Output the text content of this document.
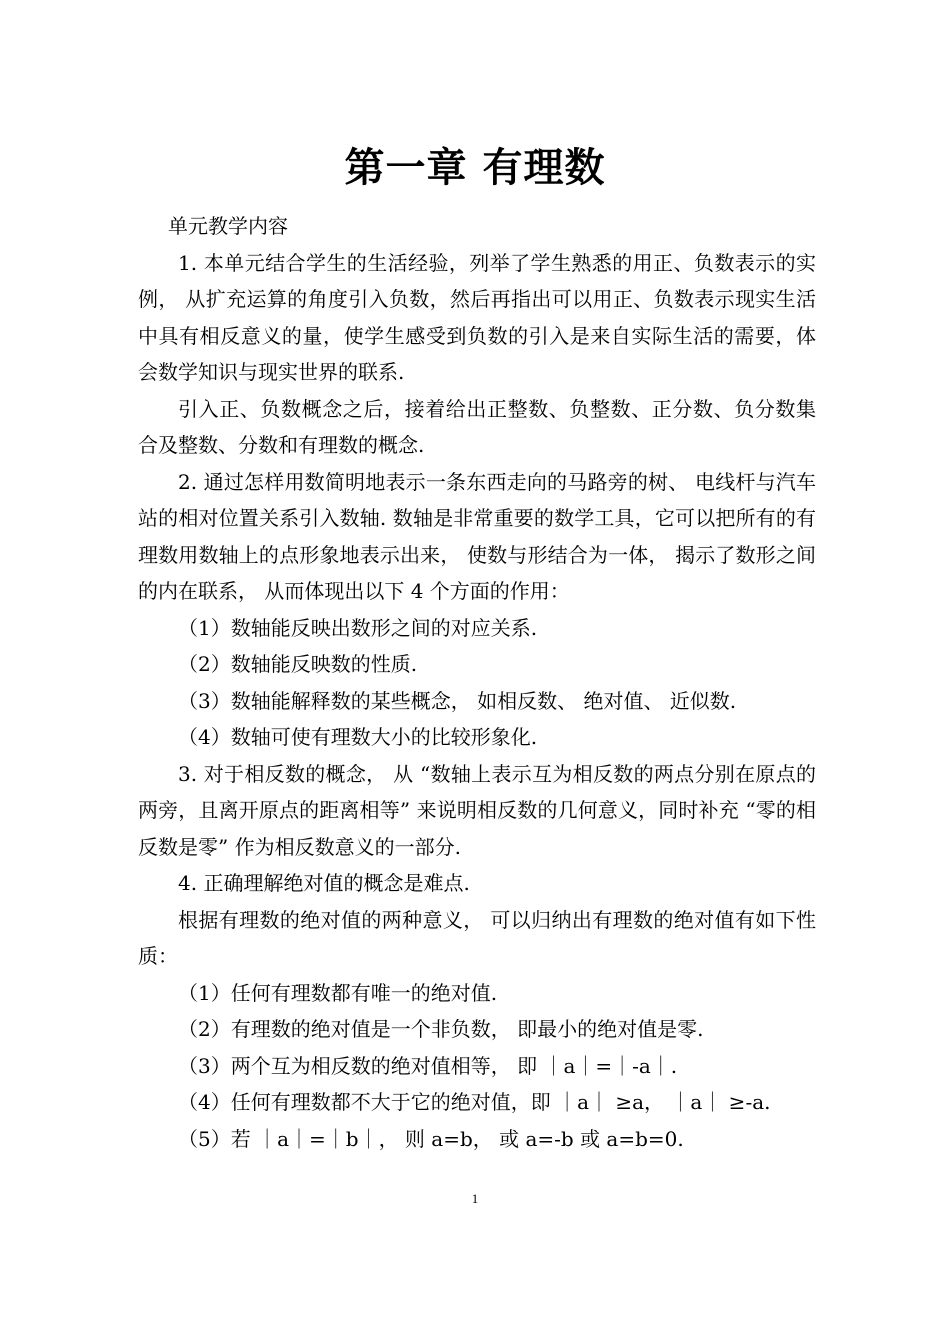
第一章 有理数

单元教学内容

1. 本单元结合学生的生活经验，列举了学生熟悉的用正、负数表示的实例， 从扩充运算的角度引入负数，然后再指出可以用正、负数表示现实生活中具有相反意义的量，使学生感受到负数的引入是来自实际生活的需要，体会数学知识与现实世界的联系.

引入正、负数概念之后，接着给出正整数、负整数、正分数、负分数集合及整数、分数和有理数的概念.

2. 通过怎样用数简明地表示一条东西走向的马路旁的树、 电线杆与汽车站的相对位置关系引入数轴. 数轴是非常重要的数学工具，它可以把所有的有理数用数轴上的点形象地表示出来， 使数与形结合为一体， 揭示了数形之间的内在联系， 从而体现出以下 4 个方面的作用：

（1）数轴能反映出数形之间的对应关系.

（2）数轴能反映数的性质.

（3）数轴能解释数的某些概念， 如相反数、 绝对值、 近似数.

（4）数轴可使有理数大小的比较形象化.

3. 对于相反数的概念， 从 “数轴上表示互为相反数的两点分别在原点的两旁，且离开原点的距离相等” 来说明相反数的几何意义，同时补充 “零的相反数是零” 作为相反数意义的一部分.

4. 正确理解绝对值的概念是难点.

根据有理数的绝对值的两种意义， 可以归纳出有理数的绝对值有如下性质：

（1）任何有理数都有唯一的绝对值.

（2）有理数的绝对值是一个非负数， 即最小的绝对值是零.

（3）两个互为相反数的绝对值相等， 即 ｜a｜=｜-a｜.

（4）任何有理数都不大于它的绝对值，即 ｜a｜ ≥a， ｜a｜ ≥-a.

（5）若 ｜a｜=｜b｜， 则 a=b， 或 a=-b 或 a=b=0.

1
